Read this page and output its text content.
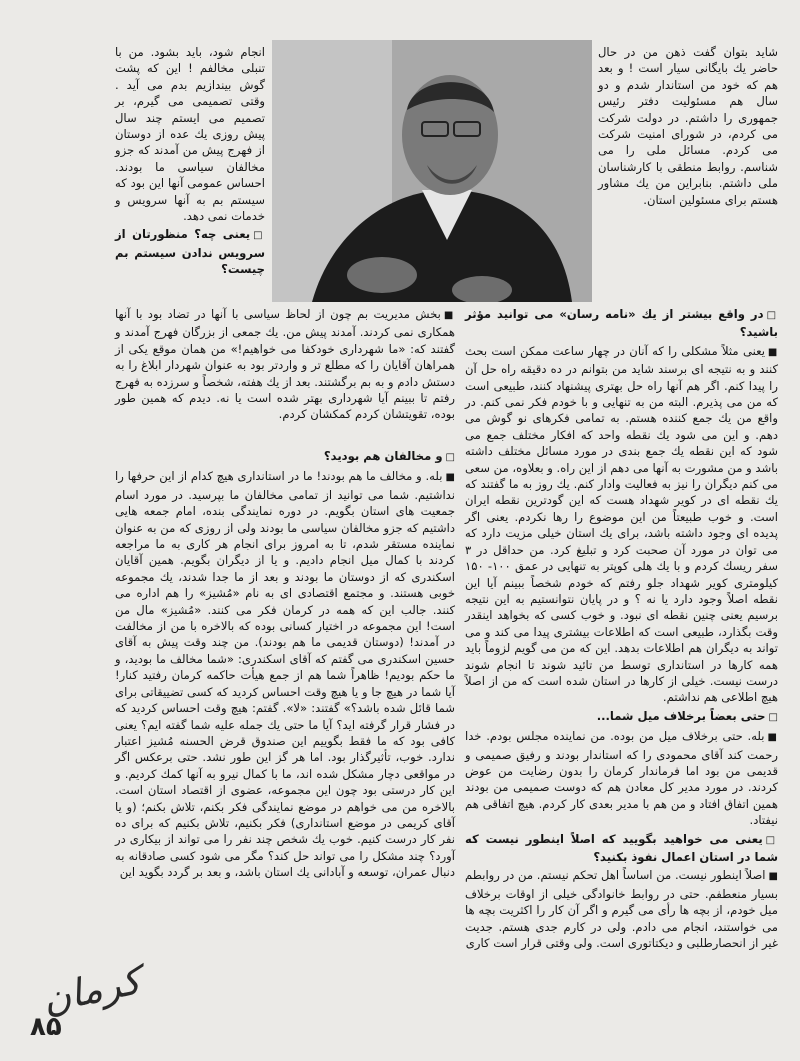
شاید بتوان گفت ذهن من در حال حاضر یك بایگانی سیار است ! و بعد هم كه خود من استاندار شدم و دو سال هم مسئولیت دفتر رئیس جمهوری را داشتم. در دولت شركت می كردم، در شورای امنیت شركت می كردم. مسائل ملی را می شناسم. روابط منطقی با كارشناسان ملی داشتم. بنابراین من یك مشاور هستم برای مسئولین استان.

انجام شود، باید بشود. من با تنبلی مخالفم ! این كه پشت گوش بیندازیم بدم می آید . وقتی تصمیمی می گیرم، بر تصمیم می ایستم چند سال پیش روزی یك عده از دوستان از فهرج پیش من آمدند كه جزو مخالفان سیاسی ما بودند. احساس عمومی آنها این بود كه سیستم بم به آنها سرویس و خدمات نمی دهد.

□یعنی چه؟ منظورتان از سرویس ندادن سیستم بم چیست؟

□در واقع بیشتر از یك «نامه رسان» می توانید مؤثر باشید؟

■یعنی مثلاً مشكلی را كه آنان در چهار ساعت ممكن است بحث كنند و به نتیجه ای برسند شاید من بتوانم در ده دقیقه راه حل آن را پیدا كنم. اگر هم آنها راه حل بهتری پیشنهاد كنند، طبیعی است كه من می پذیرم. البته من به تنهایی و با خودم فكر نمی كنم. در واقع من یك جمع كننده هستم. به تمامی فكرهای نو گوش می دهم. و این می شود یك نقطه واحد كه افكار مختلف جمع می شود كه این نقطه یك جمع بندی در مورد مسائل مختلف داشته باشد و من مشورت به آنها می دهم از این راه. و بعلاوه، من سعی می كنم دیگران را نیز به فعالیت وادار كنم. یك روز به ما گفتند كه یك نقطه ای در كویر شهداد هست كه این گودترین نقطه ایران است. و خوب طبیعتاً من این موضوع را رها نكردم. یعنی اگر پدیده ای وجود داشته باشد، برای یك استان خیلی مزیت دارد كه می توان در مورد آن صحبت كرد و تبلیغ كرد. من حداقل در ۳ سفر ریسك كردم و با یك هلی كوپتر به تنهایی در عمق ۱۰۰- ۱۵۰ كیلومتری كویر شهداد جلو رفتم كه خودم شخصاً ببینم آیا این نقطه اصلاً وجود دارد یا نه ؟ و در پایان نتوانستیم به این نتیجه برسیم یعنی چنین نقطه ای نبود. و خوب كسی كه بخواهد اینقدر وقت بگذارد، طبیعی است كه اطلاعات بیشتری پیدا می كند و می تواند به دیگران هم اطلاعات بدهد. این كه من می گویم لزوماً باید همه كارها در استانداری توسط من تائید شوند تا انجام شوند درست نیست. خیلی از كارها در استان شده است كه من از اصلاً هیچ اطلاعی هم نداشتم.

□حتی بعضاً برخلاف میل شما...

■بله. حتی برخلاف میل من بوده. من نماینده مجلس بودم. خدا رحمت كند آقای محمودی را كه استاندار بودند و رفیق صمیمی و قدیمی من بود اما فرماندار كرمان را بدون رضایت من عوض كردند. در مورد مدیر كل معادن هم كه دوست صمیمی من بودند همین اتفاق افتاد و من هم با مدیر بعدی كار كردم. هیچ اتفاقی هم نیفتاد.

□یعنی می خواهید بگویید كه اصلاً اینطور نیست كه شما در استان اعمال نفوذ بكنید؟

■اصلاً اینطور نیست. من اساساً اهل تحكم نیستم. من در روابطم بسیار منعطفم. حتی در روابط خانوادگی خیلی از اوقات برخلاف میل خودم، از بچه ها رأی می گیرم و اگر آن كار را اكثریت بچه ها می خواستند، انجام می دادم. ولی در كارم جدی هستم. جدیت غیر از انحصارطلبی و دیكتاتوری است. ولی وقتی قرار است كاری

■بخش مدیریت بم چون از لحاظ سیاسی با آنها در تضاد بود با آنها همكاری نمی كردند. آمدند پیش من. یك جمعی از بزرگان فهرج آمدند و گفتند كه: «ما شهرداری خودكفا می خواهیم!» من همان موقع یكی از همراهان آقایان را كه مطلع تر و واردتر بود به عنوان شهردار ابلاغ را به دستش دادم و به بم برگشتند. بعد از یك هفته، شخصاً و سرزده به فهرج رفتم تا ببینم آیا شهرداری بهتر شده است یا نه. دیدم كه همین طور بوده، تقویتشان كردم كمكشان كردم.

□و مخالفان هم بودید؟

■بله. و مخالف ما هم بودند! ما در استانداری هیچ كدام از این حرفها را نداشتیم. شما می توانید از تمامی مخالفان ما بپرسید. در مورد اسام جمعیت های استان بگویم. در دوره نمایندگی بنده، امام جمعه هایی داشتیم كه جزو مخالفان سیاسی ما بودند ولی از روزی كه من به عنوان نماینده مستقر شدم، تا به امروز برای انجام هر كاری به ما مراجعه كردند با كمال میل انجام دادیم. و یا از دیگران بگویم. همین آقایان اسكندری كه از دوستان ما بودند و بعد از ما جدا شدند، یك مجموعه خوبی هستند. و مجتمع اقتصادی ای به نام «مُشیز» را هم اداره می كنند. جالب این كه همه در كرمان فكر می كنند. «مُشیز» مال من است! این مجموعه در اختیار كسانی بوده كه بالاخره با من از مخالفت در آمدند! (دوستان قدیمی ما هم بودند). من چند وقت پیش به آقای حسین اسكندری می گفتم كه آقای اسكندری: «شما مخالف ما بودید، و ما حكم بودیم! ظاهراً شما هم از جمع هیأت حاكمه كرمان رفتید كنار! آیا شما در هیچ جا و یا هیچ وقت احساس كردید كه كسی تضییقاتی برای شما قائل شده باشد؟» گفتند: «لا». گفتم: هیچ وقت احساس كردید كه در فشار قرار گرفته اید؟ آیا ما حتی یك جمله علیه شما گفته ایم؟ یعنی كافی بود كه ما فقط بگوییم این صندوق قرض الحسنه مُشیز اعتبار ندارد. خوب، تأثیرگذار بود. اما هر گز این طور نشد. حتی برعكس اگر در مواقعی دچار مشكل شده اند، ما با كمال نیرو به آنها كمك كردیم. و این كار درستی بود چون این مجموعه، عضوی از اقتصاد استان است. بالاخره من می خواهم در موضع نمایندگی فكر بكنم، تلاش بكنم؛ (و یا آقای كریمی در موضع استانداری) فكر بكنیم، تلاش بكنیم كه برای ده نفر كار درست كنیم. خوب یك شخص چند نفر را می تواند از بیكاری در آورد؟ چند مشكل را می تواند حل كند؟ مگر می شود كسی صادقانه به دنبال عمران، توسعه و آبادانی یك استان باشد، و بعد بر گردد بگوید این

کرمان
۸۵
